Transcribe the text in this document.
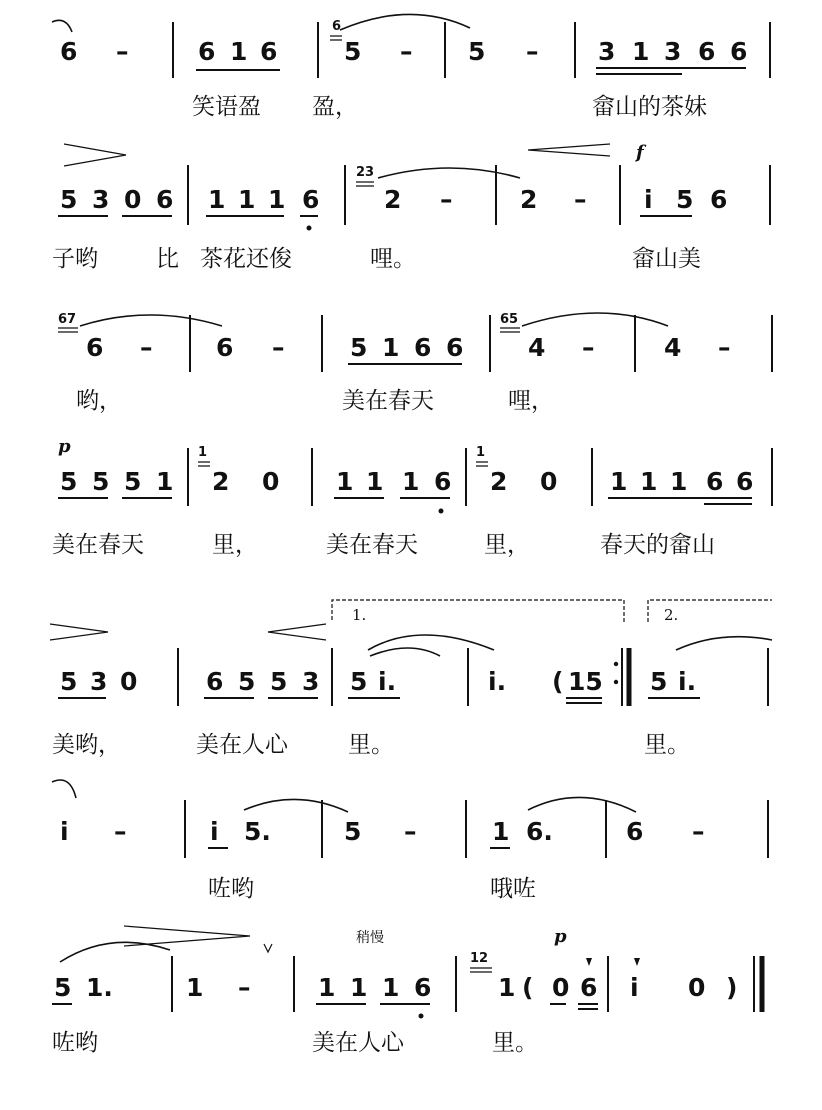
6 –	6 1 6
6
5 – 5 – 3 1 3 6 6
笑语盈 盈，	畲山的茶妹
f
5 3 0 6 1 1 1 6
23
2 –	2 – i 5 6
子哟	比 茶花还俊	哩。	畲山美
67
6 –	6 –	5 1 6 6
65
4 –	4 –
哟，	美在春天	哩，
p
5 5 5 1
1
2 0 1 1 1 6
1
2 0 1 1 1 6 6
美在春天	里，	美在春天	里，	春天的畲山
1.	2.
5 3 0	6 5 5 3 5 i.	i. ( 15 5 i.
美哟，	美在人心	里。	里。
i –	i 5.	5 –	1 6.	6 –
咗哟	哦咗
稍慢	p
5 1.	1 –	1 1 1 6
12
1 ( 0 6 i 0 )
咗哟	美在人心	里。
